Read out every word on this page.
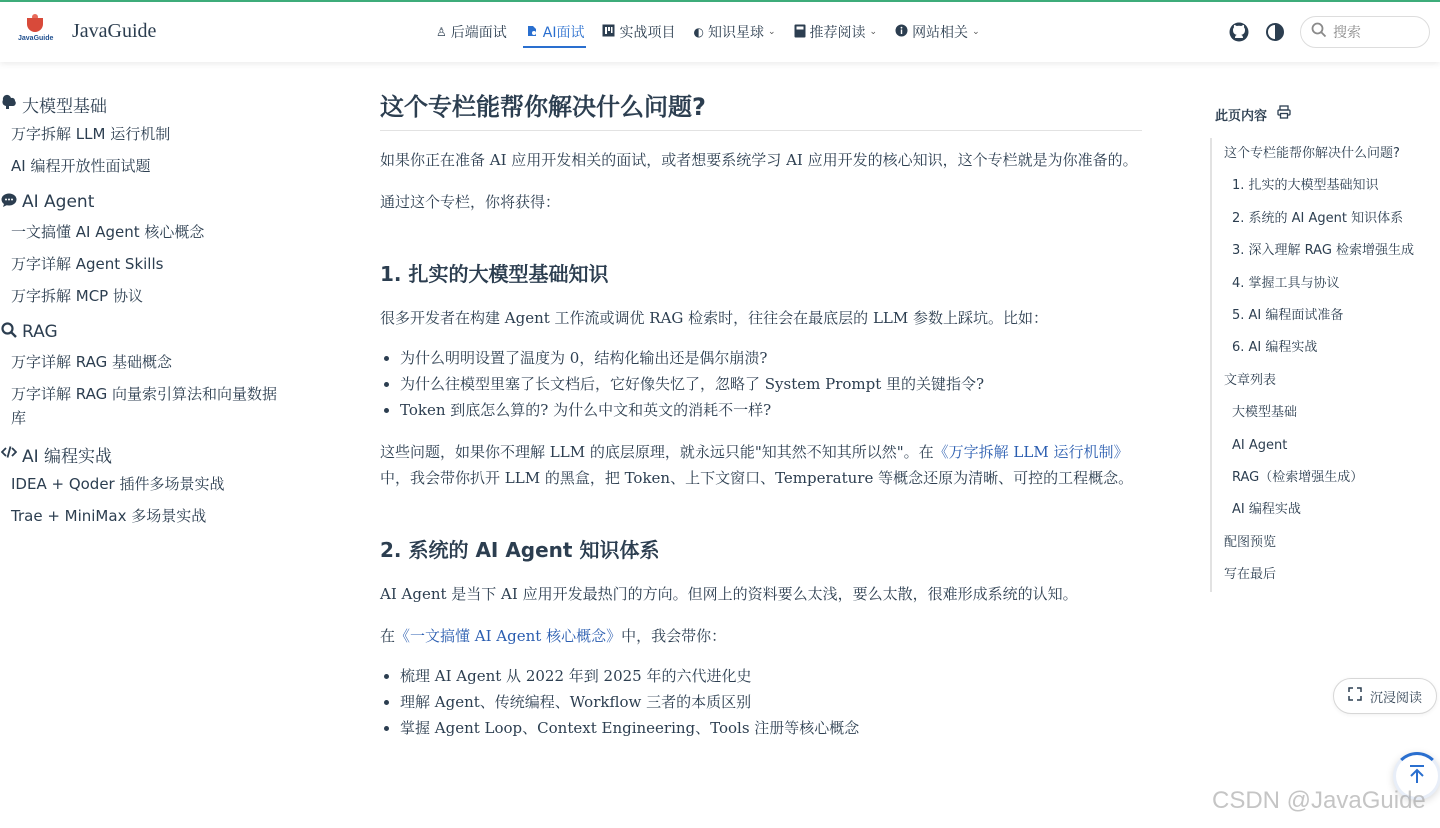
JavaGuide JavaGuide	♙ 后端面试	AI面试	实战项目 ◐ 知识星球 ⌄ 推荐阅读 ⌄	网站相关 ⌄	搜索
大模型基础
万字拆解 LLM 运行机制
AI 编程开放性面试题
AI Agent
一文搞懂 AI Agent 核心概念
万字详解 Agent Skills
万字拆解 MCP 协议
RAG
万字详解 RAG 基础概念
万字详解 RAG 向量索引算法和向量数据库
AI 编程实战
IDEA + Qoder 插件多场景实战
Trae + MiniMax 多场景实战
这个专栏能帮你解决什么问题?

如果你正在准备 AI 应用开发相关的面试，或者想要系统学习 AI 应用开发的核心知识，这个专栏就是为你准备的。

通过这个专栏，你将获得：

1. 扎实的大模型基础知识

很多开发者在构建 Agent 工作流或调优 RAG 检索时，往往会在最底层的 LLM 参数上踩坑。比如：

• 为什么明明设置了温度为 0，结构化输出还是偶尔崩溃?
• 为什么往模型里塞了长文档后，它好像失忆了，忽略了 System Prompt 里的关键指令?
• Token 到底怎么算的? 为什么中文和英文的消耗不一样?

这些问题，如果你不理解 LLM 的底层原理，就永远只能"知其然不知其所以然"。在《万字拆解 LLM 运行机制》中，我会带你扒开 LLM 的黑盒，把 Token、上下文窗口、Temperature 等概念还原为清晰、可控的工程概念。

2. 系统的 AI Agent 知识体系

AI Agent 是当下 AI 应用开发最热门的方向。但网上的资料要么太浅，要么太散，很难形成系统的认知。

在《一文搞懂 AI Agent 核心概念》中，我会带你：

• 梳理 AI Agent 从 2022 年到 2025 年的六代进化史
• 理解 Agent、传统编程、Workflow 三者的本质区别
• 掌握 Agent Loop、Context Engineering、Tools 注册等核心概念
此页内容
这个专栏能帮你解决什么问题?
1. 扎实的大模型基础知识
2. 系统的 AI Agent 知识体系
3. 深入理解 RAG 检索增强生成
4. 掌握工具与协议
5. AI 编程面试准备
6. AI 编程实战
文章列表
大模型基础
AI Agent
RAG（检索增强生成）
AI 编程实战
配图预览
写在最后
沉浸阅读
CSDN @JavaGuide
